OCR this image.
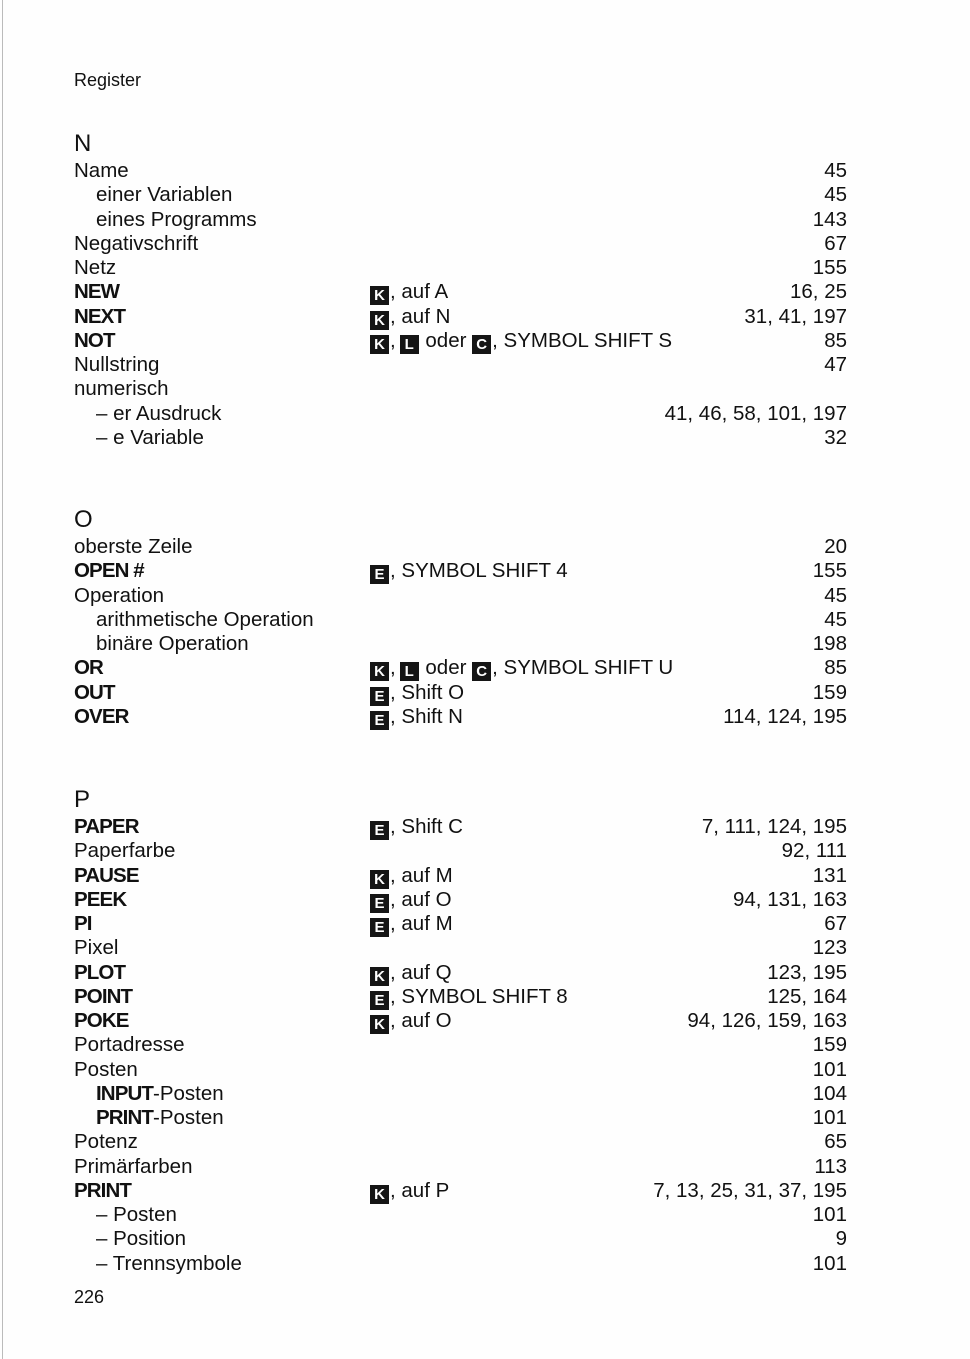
Register
N
Name	45
einer Variablen	45
eines Programms	143
Negativschrift	67
Netz	155
NEW	K , auf A	16, 25
NEXT	K , auf N	31, 41, 197
NOT	K , L oder C , SYMBOL SHIFT S	85
Nullstring	47
numerisch
– er Ausdruck	41, 46, 58, 101, 197
– e Variable	32
O
oberste Zeile	20
OPEN #	E , SYMBOL SHIFT 4	155
Operation	45
arithmetische Operation	45
binäre Operation	198
OR	K , L oder C , SYMBOL SHIFT U	85
OUT	E , Shift O	159
OVER	E , Shift N	114, 124, 195
P
PAPER	E , Shift C	7, 111, 124, 195
Paperfarbe	92, 111
PAUSE	K , auf M	131
PEEK	E , auf O	94, 131, 163
PI	E , auf M	67
Pixel	123
PLOT	K , auf Q	123, 195
POINT	E , SYMBOL SHIFT 8	125, 164
POKE	K , auf O	94, 126, 159, 163
Portadresse	159
Posten	101
INPUT-Posten	104
PRINT-Posten	101
Potenz	65
Primärfarben	113
PRINT	K , auf P	7, 13, 25, 31, 37, 195
– Posten	101
– Position	9
– Trennsymbole	101
226
